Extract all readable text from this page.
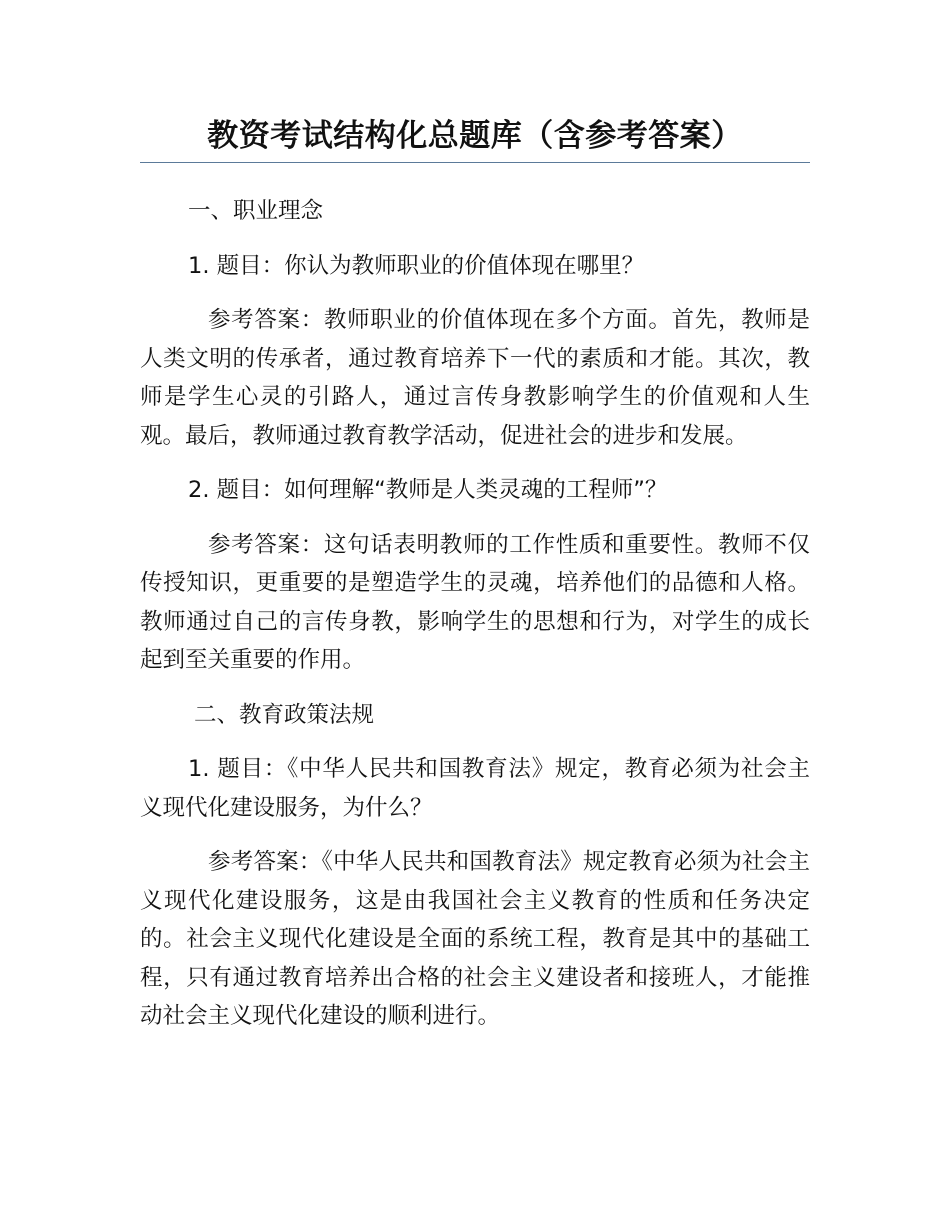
教资考试结构化总题库（含参考答案）

一、职业理念

1. 题目：你认为教师职业的价值体现在哪里？

参考答案：教师职业的价值体现在多个方面。首先，教师是人类文明的传承者，通过教育培养下一代的素质和才能。其次，教师是学生心灵的引路人，通过言传身教影响学生的价值观和人生观。最后，教师通过教育教学活动，促进社会的进步和发展。

2. 题目：如何理解“教师是人类灵魂的工程师”？

参考答案：这句话表明教师的工作性质和重要性。教师不仅传授知识，更重要的是塑造学生的灵魂，培养他们的品德和人格。教师通过自己的言传身教，影响学生的思想和行为，对学生的成长起到至关重要的作用。

二、教育政策法规

1. 题目：《中华人民共和国教育法》规定，教育必须为社会主义现代化建设服务，为什么？

参考答案：《中华人民共和国教育法》规定教育必须为社会主义现代化建设服务，这是由我国社会主义教育的性质和任务决定的。社会主义现代化建设是全面的系统工程，教育是其中的基础工程，只有通过教育培养出合格的社会主义建设者和接班人，才能推动社会主义现代化建设的顺利进行。
